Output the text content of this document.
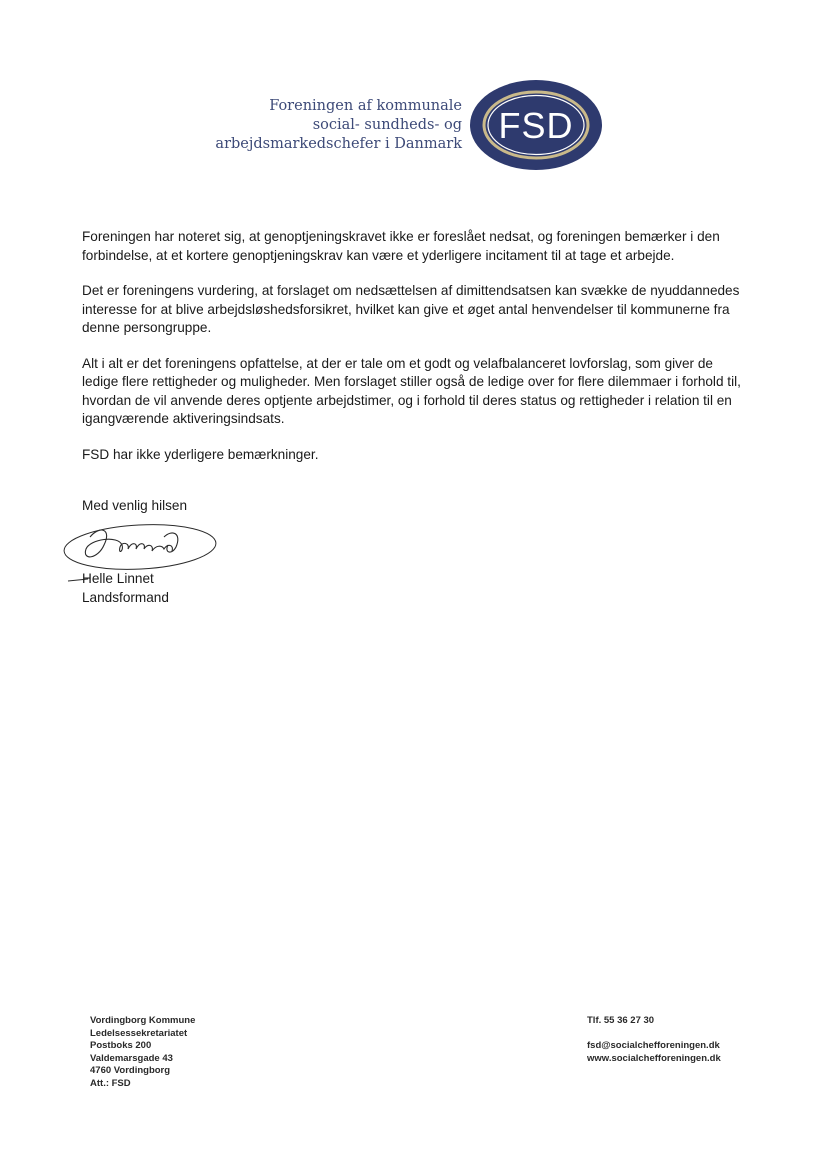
Foreningen af kommunale
social- sundheds- og
arbejdsmarkedschefer i Danmark FSD

Foreningen har noteret sig, at genoptjeningskravet ikke er foreslået nedsat, og foreningen bemærker i den forbindelse, at et kortere genoptjeningskrav kan være et yderligere incitament til at tage et arbejde.

Det er foreningens vurdering, at forslaget om nedsættelsen af dimittendsatsen kan svække de nyuddannedes interesse for at blive arbejdsløshedsforsikret, hvilket kan give et øget antal henvendelser til kommunerne fra denne persongruppe.

Alt i alt er det foreningens opfattelse, at der er tale om et godt og velafbalanceret lovforslag, som giver de ledige flere rettigheder og muligheder. Men forslaget stiller også de ledige over for flere dilemmaer i forhold til, hvordan de vil anvende deres optjente arbejdstimer, og i forhold til deres status og rettigheder i relation til en igangværende aktiveringsindsats.

FSD har ikke yderligere bemærkninger.

Med venlig hilsen
Helle Linnet
Landsformand
Vordingborg Kommune
Ledelsessekretariatet
Postboks 200
Valdemarsgade 43
4760 Vordingborg
Att.: FSD
Tlf. 55 36 27 30
fsd@socialchefforeningen.dk
www.socialchefforeningen.dk
